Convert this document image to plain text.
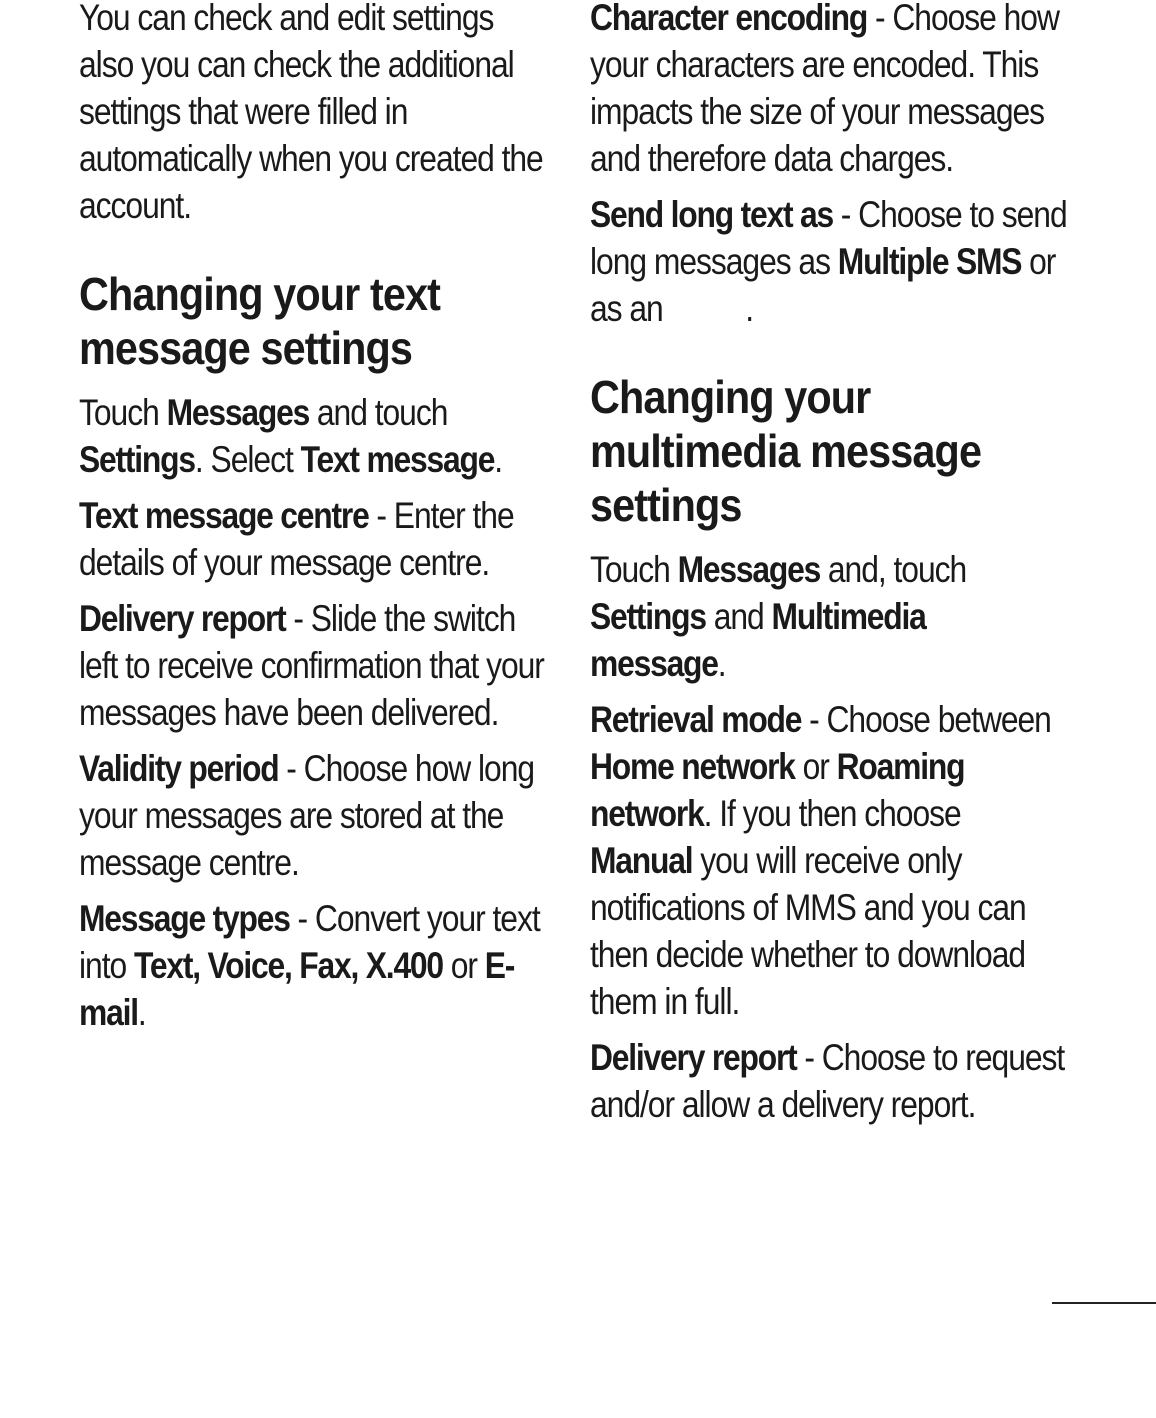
You can check and edit settings also you can check the additional settings that were filled in automatically when you created the account.

Changing your text message settings

Touch Messages and touch Settings. Select Text message.

Text message centre - Enter the details of your message centre.

Delivery report - Slide the switch left to receive confirmation that your messages have been delivered.

Validity period - Choose how long your messages are stored at the message centre.

Message types - Convert your text into Text, Voice, Fax, X.400 or E-mail.

Character encoding - Choose how your characters are encoded. This impacts the size of your messages and therefore data charges.

Send long text as - Choose to send long messages as Multiple SMS or as an .

Changing your multimedia message settings

Touch Messages and, touch Settings and Multimedia message.

Retrieval mode - Choose between Home network or Roaming network. If you then choose Manual you will receive only notifications of MMS and you can then decide whether to download them in full.

Delivery report - Choose to request and/or allow a delivery report.
